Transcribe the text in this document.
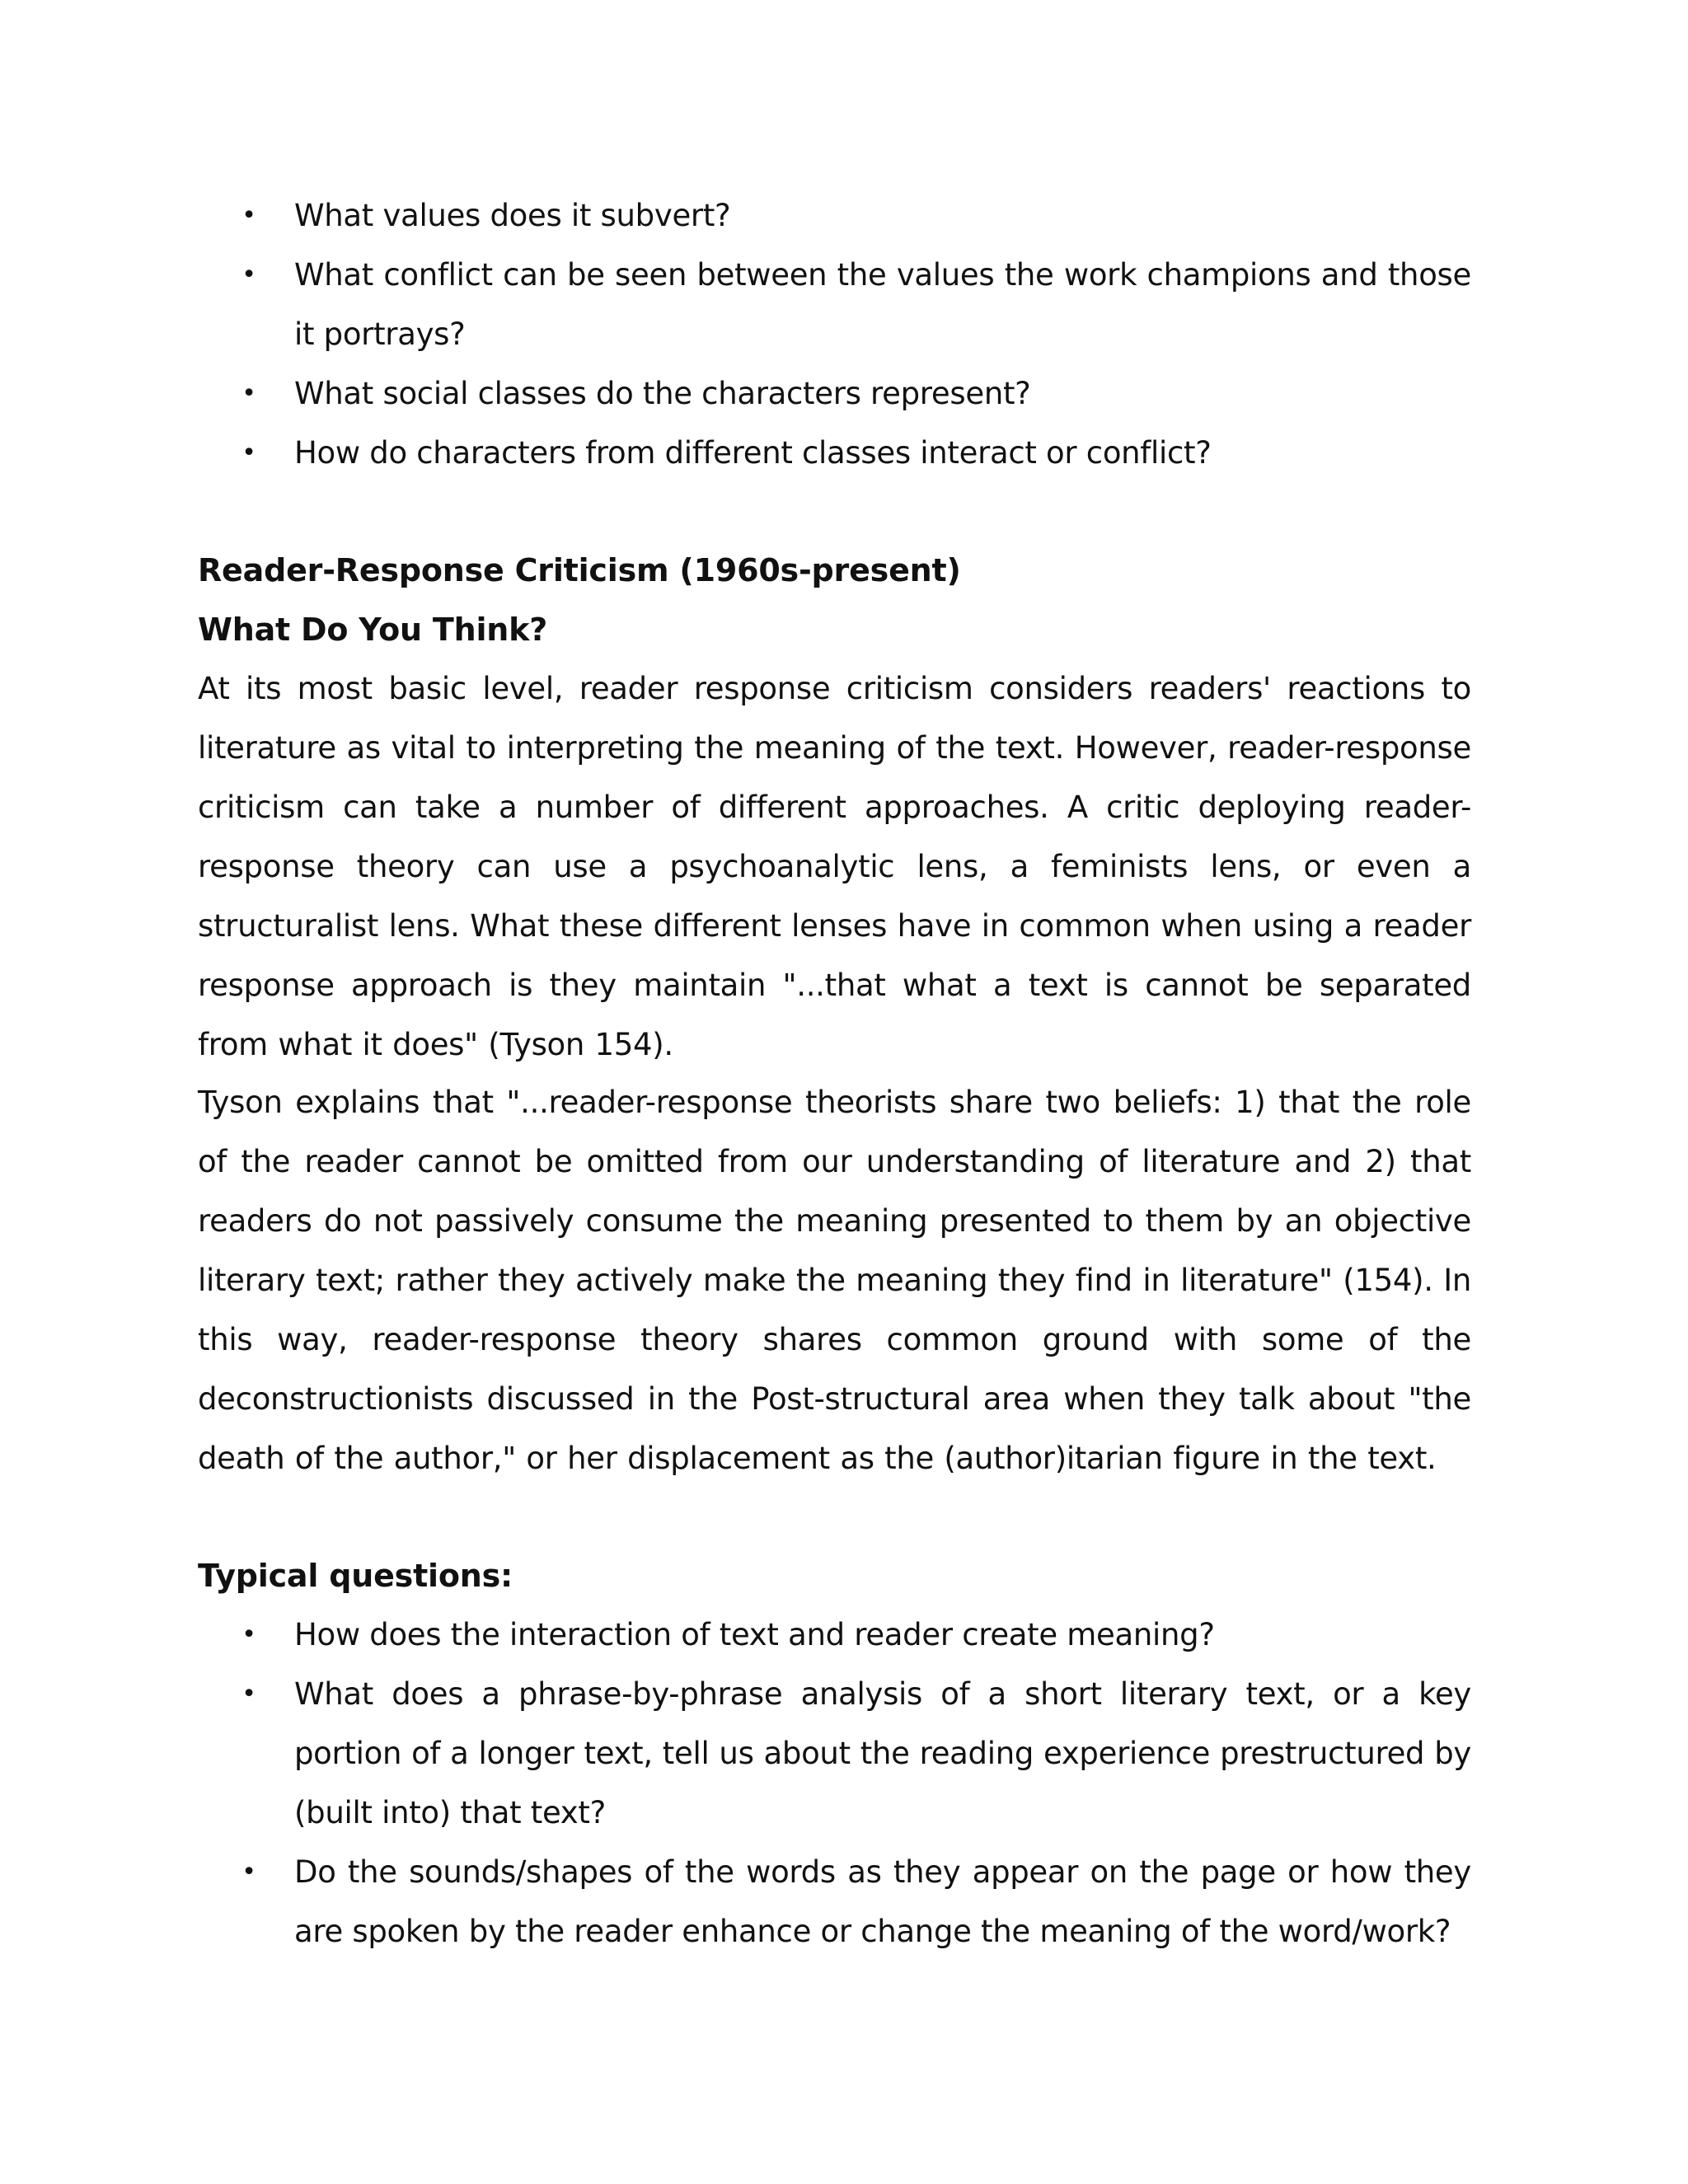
• What values does it subvert?
• What conflict can be seen between the values the work champions and those it portrays?
• What social classes do the characters represent?
• How do characters from different classes interact or conflict?

Reader-Response Criticism (1960s-present)

What Do You Think?

At its most basic level, reader response criticism considers readers' reactions to literature as vital to interpreting the meaning of the text. However, reader-response criticism can take a number of different approaches. A critic deploying reader-response theory can use a psychoanalytic lens, a feminists lens, or even a structuralist lens. What these different lenses have in common when using a reader response approach is they maintain "...that what a text is cannot be separated from what it does" (Tyson 154).

Tyson explains that "...reader-response theorists share two beliefs: 1) that the role of the reader cannot be omitted from our understanding of literature and 2) that readers do not passively consume the meaning presented to them by an objective literary text; rather they actively make the meaning they find in literature" (154). In this way, reader-response theory shares common ground with some of the deconstructionists discussed in the Post-structural area when they talk about "the death of the author," or her displacement as the (author)itarian figure in the text.

Typical questions:

• How does the interaction of text and reader create meaning?
• What does a phrase-by-phrase analysis of a short literary text, or a key portion of a longer text, tell us about the reading experience prestructured by (built into) that text?
• Do the sounds/shapes of the words as they appear on the page or how they are spoken by the reader enhance or change the meaning of the word/work?
